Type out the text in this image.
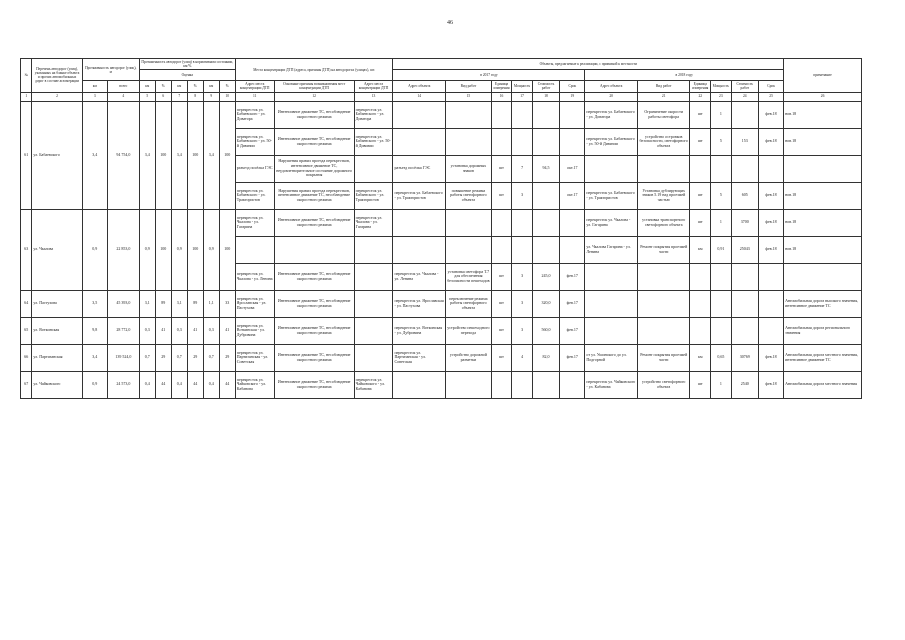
46
№	Перечень автодорог (улиц), указанных на бланке объекта и прочих автомобильных дорог в составе агломерации	Протяженность автодорог (улиц), м		Протяженность автодорог (улиц) в нормативном состоянии, км/%						Места концентрации ДТП (адреса, причины ДТП) на автодорогах (улицах), шт.			Объекты, предлагаемые к реализации, с привязкой к местности												примечание
				Оценка									в 2017 году						в 2018 году						
		км	всего	км	%	км	%	км	%	Адрес места концентрации ДТП	Основные причины возникновения мест концентрации ДТП	Адрес места концентрации ДТП	Адрес объекта	Вид работ	Единица измерения	Мощность	Стоимость работ	Срок	Адрес объекта	Вид работ	Единица измерения	Мощность	Стоимость работ	Срок	
1	2	3	4	5	6	7	8	9	10	11	12	13	14	15	16	17	18	19	20	21	22	23	24	25	26
61	ул. Бабаевского	3,4	94 754,0	3,4	100	3,4	100	3,4	100	перекресток ул. Бабаевского - ул. Доватора	Интенсивное движение ТС, несоблюдение скоростного режима	перекресток ул. Бабаевского - ул. Доватора							перекресток ул. Бабаевского - ул. Доватора	Ограничение скорости работы светофора	шт	1		фев.18	нов.18
										перекресток ул. Бабаевского - ул. 50-й Дивизии	Интенсивное движение ТС, несоблюдение скоростного режима	перекресток ул. Бабаевского - ул. 50-й Дивизии							перекресток ул. Бабаевского - ул. 50-й Дивизии	устройство островков безопасности, светофорного объекта	шт	5	153	фев.18	нов.18
										разъезд посёлка ГЭС	Нарушения правил проезда перекрестков, интенсивное движение ТС, неудовлетворительное состояние дорожного покрытия		разъезд посёлка ГЭС	установка дорожных знаков	шт	7	94,5	окт.17							
										перекресток ул. Бабаевского - ул. Трактористов	Нарушения правил проезда перекрестков, интенсивное движение ТС, несоблюдение скоростного режима	перекресток ул. Бабаевского - ул. Трактористов	перекресток ул. Бабаевского - ул. Трактористов	повышение режима работы светофорного объекта	шт	3		окт.17	перекресток ул. Бабаевского - ул. Трактористов	Установка дублирующих знаков 5.19 над проезжей частью	шт	5	605	фев.18	нов.18
63	ул. Чкалова	0,9	22 853,0	0,9	100	0,9	100	0,9	100	перекресток ул. Чкалова - ул. Гагарина	Интенсивное движение ТС, несоблюдение скоростного режима	перекресток ул. Чкалова - ул. Гагарина							перекресток ул. Чкалова - ул. Гагарина	установка транспортного светофорного объекта	шт	1	3700	фев.18	нов.18
																			ул. Чкалова Гагарина - ул. Ленина	Ремонт покрытия проезжей части	км	0,91	25043	фев.18	нов.18
										перекресток ул. Чкалова - ул. Ленина	Интенсивное движение ТС, несоблюдение скоростного режима		перекресток ул. Чкалова - ул. Ленина	установка светофора Т.7 для обеспечения безопасности пешеходов	шт	3	245,0	фев.17							
64	ул. Пастухова	3,5	45 393,0	3,1	89	3,1	89	1,1	33	перекресток ул. Ярославская - ул. Пастухова	Интенсивное движение ТС, несоблюдение скоростного режима		перекресток ул. Ярославская - ул. Пастухова	переключение режима работы светофорного объекта	шт	3	320,0	фев.17							Автомобильная дорога высокого значения, интенсивное движение ТС
65	ул. Воткинская	9,8	28 772,0	0,3	41	0,3	41	0,3	41	перекресток ул. Воткинская - ул. Дубровина	Интенсивное движение ТС, несоблюдение скоростного режима		перекресток ул. Воткинская - ул. Дубровина	устройство пешеходного перехода	шт	3	560,0	фев.17							Автомобильная дорога регионального значения
66	ул. Партизанская	3,4	139 524,0	0,7	29	0,7	29	0,7	29	перекресток ул. Партизанская - ул. Советская	Интенсивное движение ТС, несоблюдение скоростного режима		перекресток ул. Партизанская - ул. Советская	устройство дорожной разметки	шт	4	82,0	фев.17	от ул. Ушинского до ул. Подгорной	Ремонт покрытия проезжей части	км	0,65	30769	фев.18	Автомобильная дорога местного значения, интенсивное движение ТС
67	ул. Чайковского	0,9	24 573,0	0,4	44	0,4	44	0,4	44	перекресток ул. Чайковского - ул. Кабанова	Интенсивное движение ТС, несоблюдение скоростного режима	перекресток ул. Чайковского - ул. Кабанова							перекресток ул. Чайковского - ул. Кабанова	устройство светофорного объекта	шт	1	2540	фев.18	Автомобильная дорога местного значения
